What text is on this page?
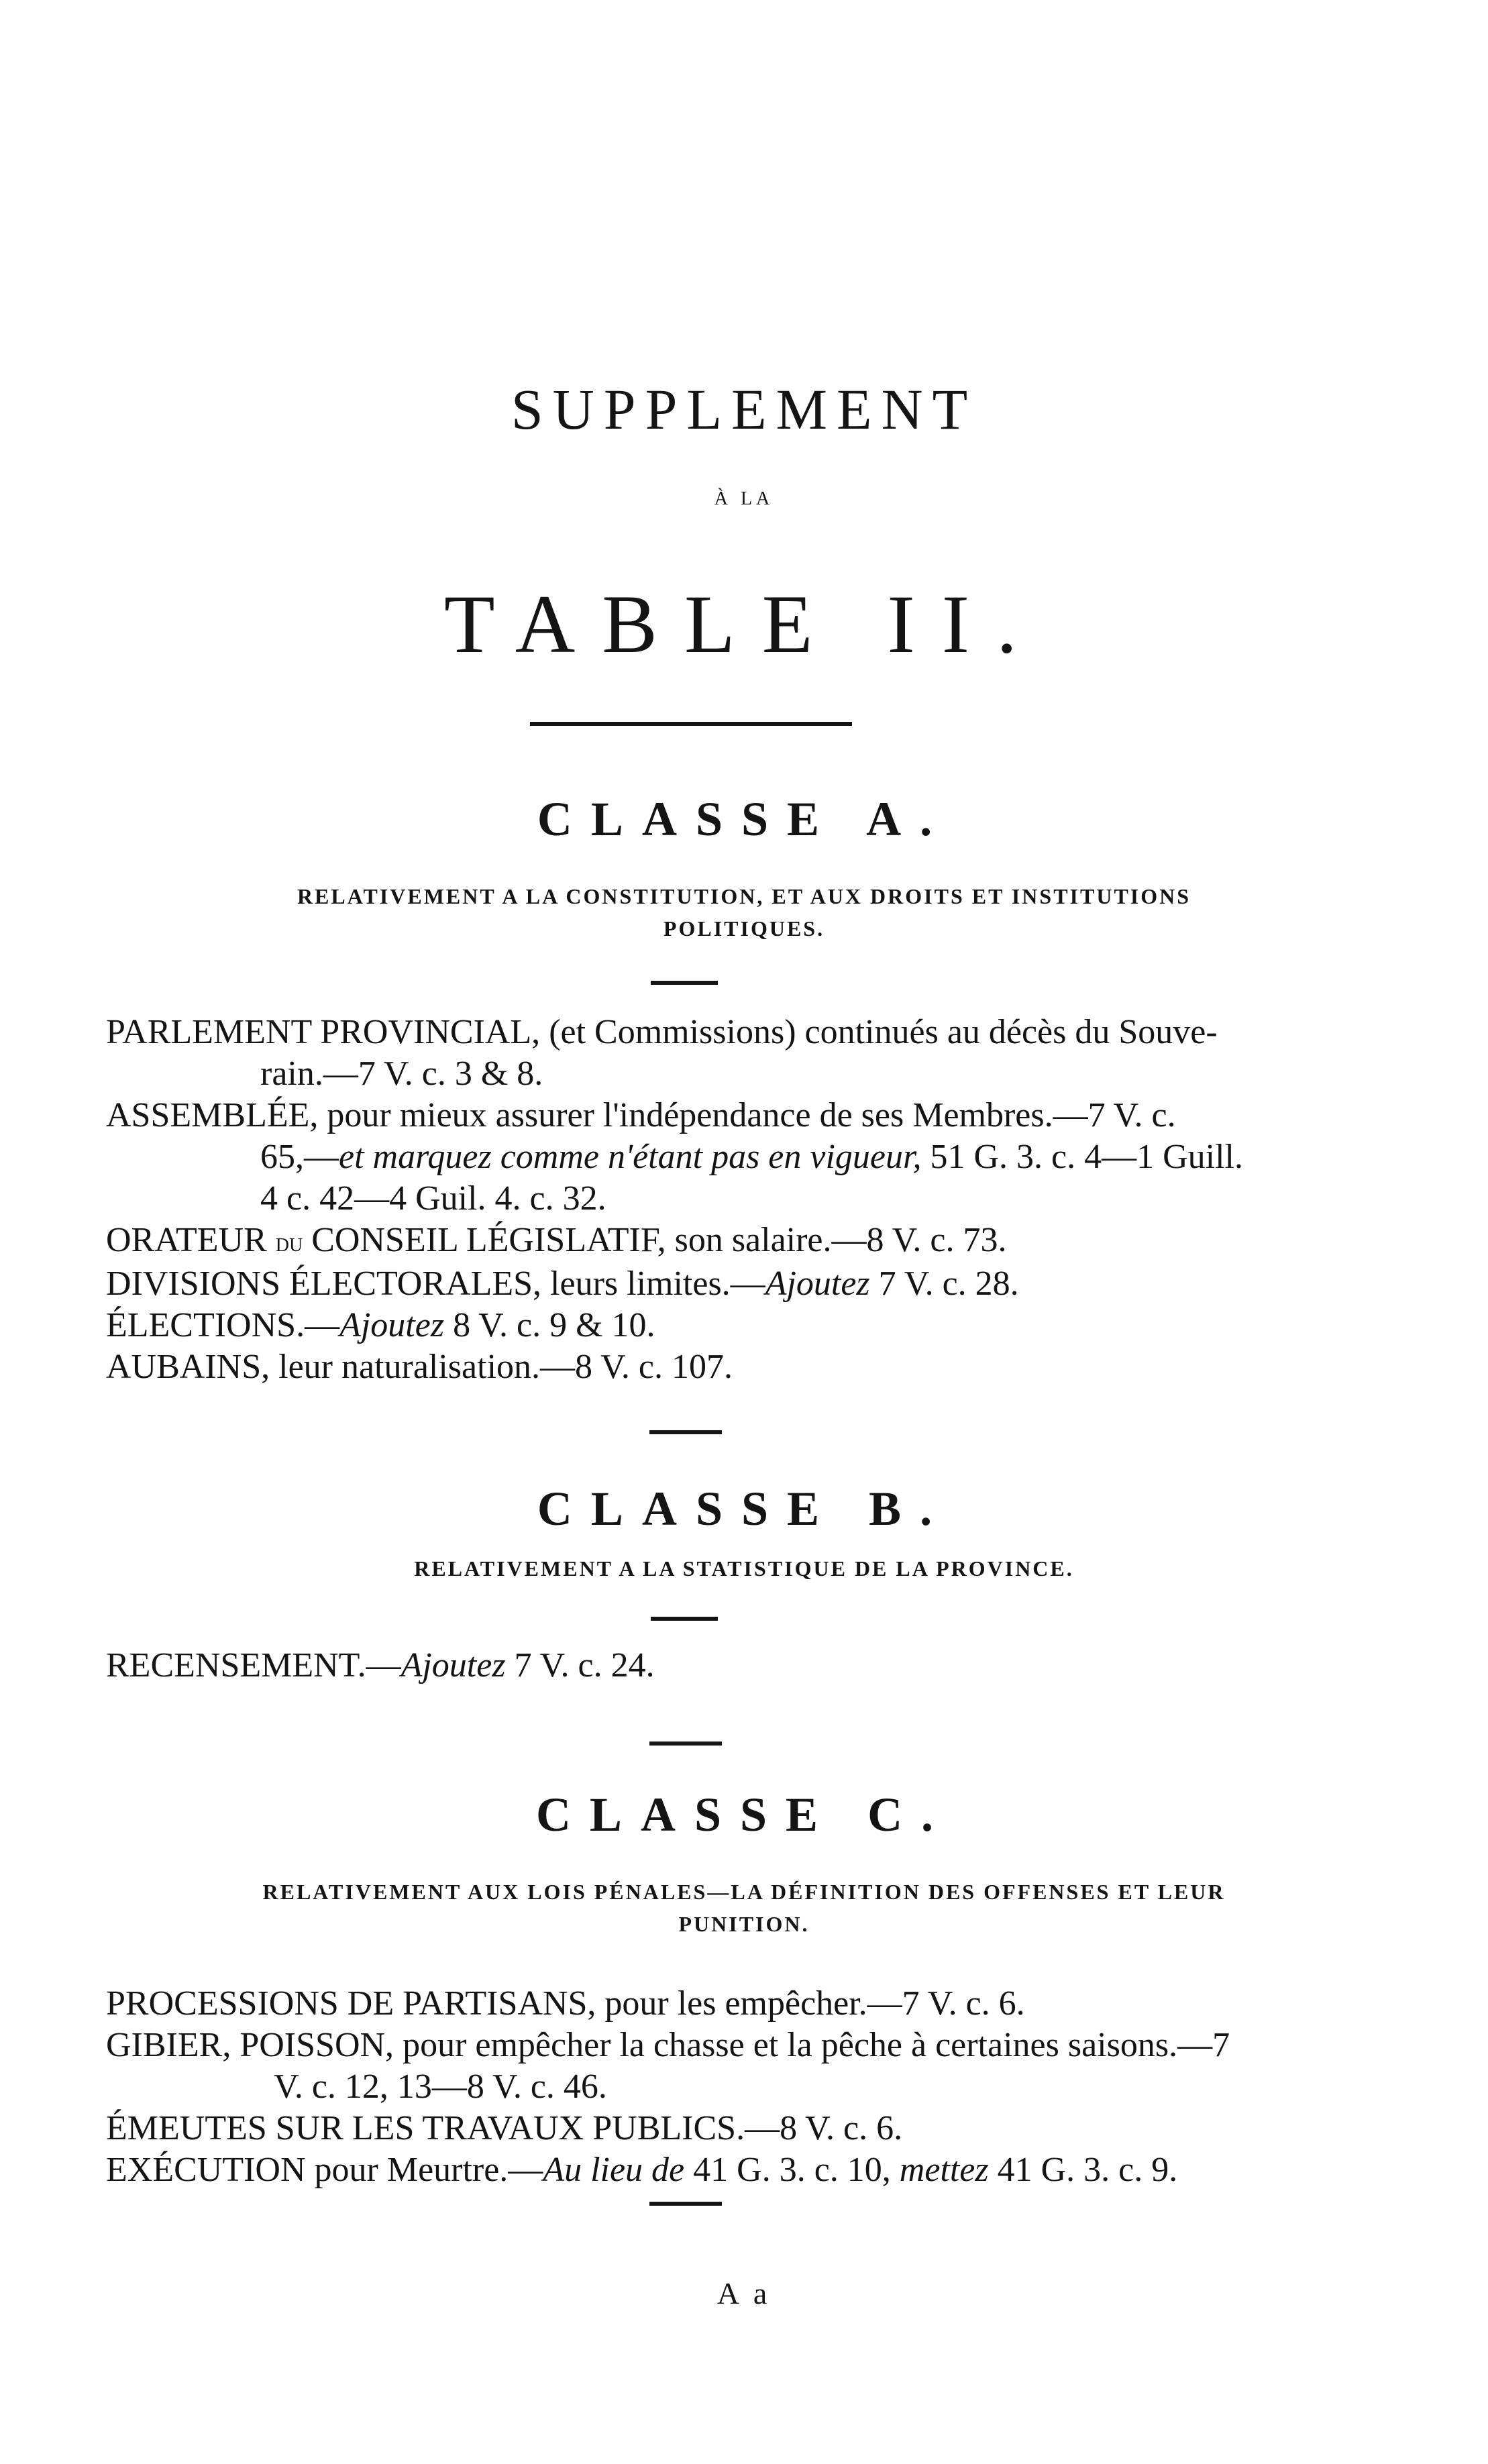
SUPPLEMENT
À LA
TABLE II.
CLASSE A.
RELATIVEMENT A LA CONSTITUTION, ET AUX DROITS ET INSTITUTIONS
POLITIQUES.
PARLEMENT PROVINCIAL, (et Commissions) continués au décès du Souve-
rain.—7 V. c. 3 & 8.
ASSEMBLÉE, pour mieux assurer l'indépendance de ses Membres.—7 V. c.
65,—et marquez comme n'étant pas en vigueur, 51 G. 3. c. 4—1 Guill.
4 c. 42—4 Guil. 4. c. 32.
ORATEUR du CONSEIL LÉGISLATIF, son salaire.—8 V. c. 73.
DIVISIONS ÉLECTORALES, leurs limites.—Ajoutez 7 V. c. 28.
ÉLECTIONS.—Ajoutez 8 V. c. 9 & 10.
AUBAINS, leur naturalisation.—8 V. c. 107.
CLASSE B.
RELATIVEMENT A LA STATISTIQUE DE LA PROVINCE.
RECENSEMENT.—Ajoutez 7 V. c. 24.
CLASSE C.
RELATIVEMENT AUX LOIS PÉNALES—LA DÉFINITION DES OFFENSES ET LEUR
PUNITION.
PROCESSIONS DE PARTISANS, pour les empêcher.—7 V. c. 6.
GIBIER, POISSON, pour empêcher la chasse et la pêche à certaines saisons.—7
V. c. 12, 13—8 V. c. 46.
ÉMEUTES SUR LES TRAVAUX PUBLICS.—8 V. c. 6.
EXÉCUTION pour Meurtre.—Au lieu de 41 G. 3. c. 10, mettez 41 G. 3. c. 9.
A a
